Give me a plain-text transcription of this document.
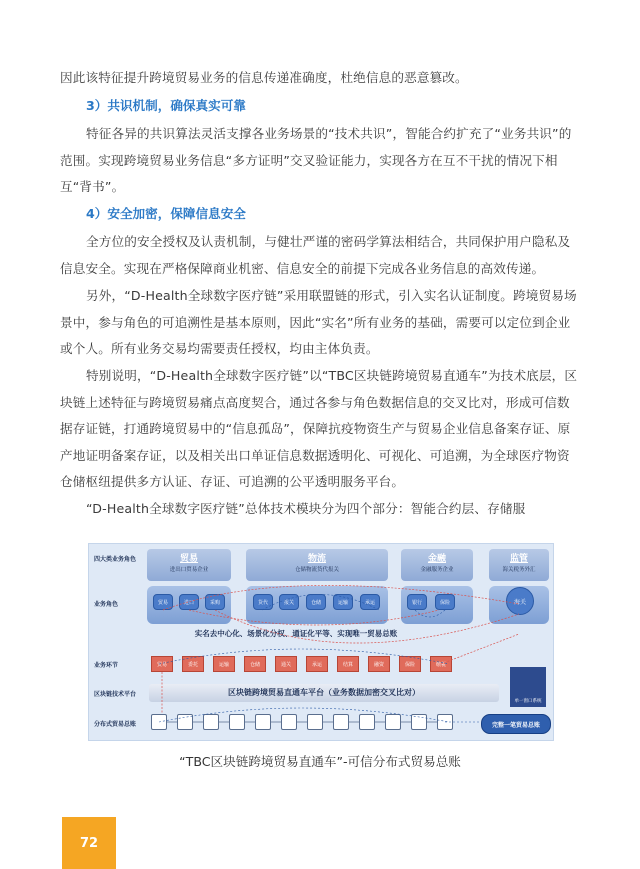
因此该特征提升跨境贸易业务的信息传递准确度，杜绝信息的恶意篡改。

3）共识机制，确保真实可靠

特征各异的共识算法灵活支撑各业务场景的“技术共识”，智能合约扩充了“业务共识”的范围。实现跨境贸易业务信息“多方证明”交叉验证能力，实现各方在互不干扰的情况下相互“背书”。

4）安全加密，保障信息安全

全方位的安全授权及认责机制，与健壮严谨的密码学算法相结合，共同保护用户隐私及信息安全。实现在严格保障商业机密、信息安全的前提下完成各业务信息的高效传递。

另外，“D-Health全球数字医疗链”采用联盟链的形式，引入实名认证制度。跨境贸易场景中，参与角色的可追溯性是基本原则，因此“实名”所有业务的基础，需要可以定位到企业或个人。所有业务交易均需要责任授权，均由主体负责。

特别说明，“D-Health全球数字医疗链”以“TBC区块链跨境贸易直通车”为技术底层，区块链上述特征与跨境贸易痛点高度契合，通过各参与角色数据信息的交叉比对，形成可信数据存证链，打通跨境贸易中的“信息孤岛”，保障抗疫物资生产与贸易企业信息备案存证、原产地证明备案存证，以及相关出口单证信息数据透明化、可视化、可追溯，为全球医疗物资仓储枢纽提供多方认证、存证、可追溯的公平透明服务平台。

“D-Health全球数字医疗链”总体技术模块分为四个部分：智能合约层、存储服

四大类业务角色
业务角色
业务环节
区块链技术平台
分布式贸易总账
贸易
进出口贸易企业
物流
仓储物流货代报关
金融
金融服务企业
监管
海关税务外汇
贸易	进口	采购	货代	报关	仓储	运输	承运	银行	保险	海关
实名去中心化、场景化分权、通证化平等、实现唯一贸易总账
贸易	委托	运输	仓储	通关	承运	结算	融资	保险	缴税
区块链跨境贸易直通车平台（业务数据加密交叉比对）
单一窗口系统
完整一笔贸易总账
“TBC区块链跨境贸易直通车”-可信分布式贸易总账
72
